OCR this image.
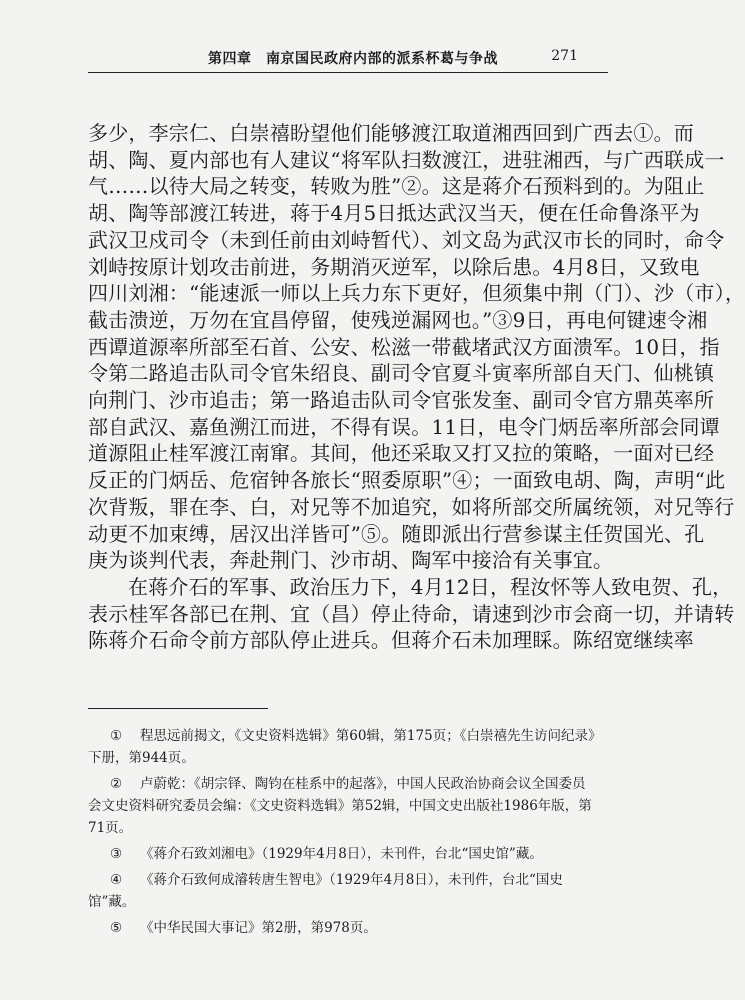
第四章　南京国民政府内部的派系杯葛与争战	271

多少，李宗仁、白崇禧盼望他们能够渡江取道湘西回到广西去①。而
胡、陶、夏内部也有人建议“将军队扫数渡江，进驻湘西，与广西联成一
气……以待大局之转变，转败为胜”②。这是蒋介石预料到的。为阻止
胡、陶等部渡江转进，蒋于4月5日抵达武汉当天，便在任命鲁涤平为
武汉卫戍司令（未到任前由刘峙暂代）、刘文岛为武汉市长的同时，命令
刘峙按原计划攻击前进，务期消灭逆军，以除后患。4月8日，又致电
四川刘湘：“能速派一师以上兵力东下更好，但须集中荆（门）、沙（市），
截击溃逆，万勿在宜昌停留，使残逆漏网也。”③9日，再电何键速令湘
西谭道源率所部至石首、公安、松滋一带截堵武汉方面溃军。10日，指
令第二路追击队司令官朱绍良、副司令官夏斗寅率所部自天门、仙桃镇
向荆门、沙市追击；第一路追击队司令官张发奎、副司令官方鼎英率所
部自武汉、嘉鱼溯江而进，不得有误。11日，电令门炳岳率所部会同谭
道源阻止桂军渡江南窜。其间，他还采取又打又拉的策略，一面对已经
反正的门炳岳、危宿钟各旅长“照委原职”④；一面致电胡、陶，声明“此
次背叛，罪在李、白，对兄等不加追究，如将所部交所属统领，对兄等行
动更不加束缚，居汉出洋皆可”⑤。随即派出行营参谋主任贺国光、孔
庚为谈判代表，奔赴荆门、沙市胡、陶军中接洽有关事宜。

在蒋介石的军事、政治压力下，4月12日，程汝怀等人致电贺、孔，
表示桂军各部已在荆、宜（昌）停止待命，请速到沙市会商一切，并请转
陈蒋介石命令前方部队停止进兵。但蒋介石未加理睬。陈绍宽继续率

① 程思远前揭文，《文史资料选辑》第60辑，第175页；《白崇禧先生访问纪录》
下册，第944页。
② 卢蔚乾：《胡宗铎、陶钧在桂系中的起落》，中国人民政治协商会议全国委员
会文史资料研究委员会编：《文史资料选辑》第52辑，中国文史出版社1986年版，第
71页。
③ 《蒋介石致刘湘电》（1929年4月8日），未刊件，台北“国史馆”藏。
④ 《蒋介石致何成濬转唐生智电》（1929年4月8日），未刊件，台北“国史
馆”藏。
⑤ 《中华民国大事记》第2册，第978页。
